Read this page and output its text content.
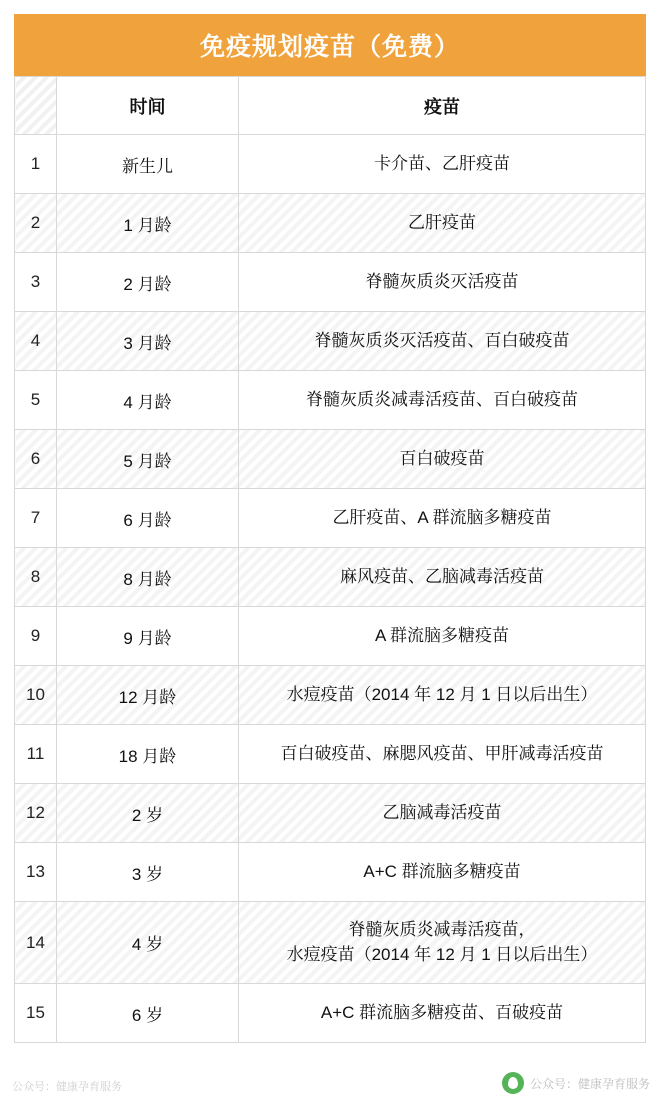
免疫规划疫苗（免费）
	时间	疫苗
1	新生儿	卡介苗、乙肝疫苗

2	1 月龄	乙肝疫苗

3	2 月龄	脊髓灰质炎灭活疫苗

4	3 月龄	脊髓灰质炎灭活疫苗、百白破疫苗

5	4 月龄	脊髓灰质炎减毒活疫苗、百白破疫苗

6	5 月龄	百白破疫苗

7	6 月龄	乙肝疫苗、A 群流脑多糖疫苗

8	8 月龄	麻风疫苗、乙脑减毒活疫苗

9	9 月龄	A 群流脑多糖疫苗

10	12 月龄	水痘疫苗（2014 年 12 月 1 日以后出生）

11	18 月龄	百白破疫苗、麻腮风疫苗、甲肝减毒活疫苗

12	2 岁	乙脑减毒活疫苗

13	3 岁	A+C 群流脑多糖疫苗

14	4 岁	脊髓灰质炎减毒活疫苗，
水痘疫苗（2014 年 12 月 1 日以后出生）

15	6 岁	A+C 群流脑多糖疫苗、百破疫苗
公众号：健康孕育服务	公众号：健康孕育服务
